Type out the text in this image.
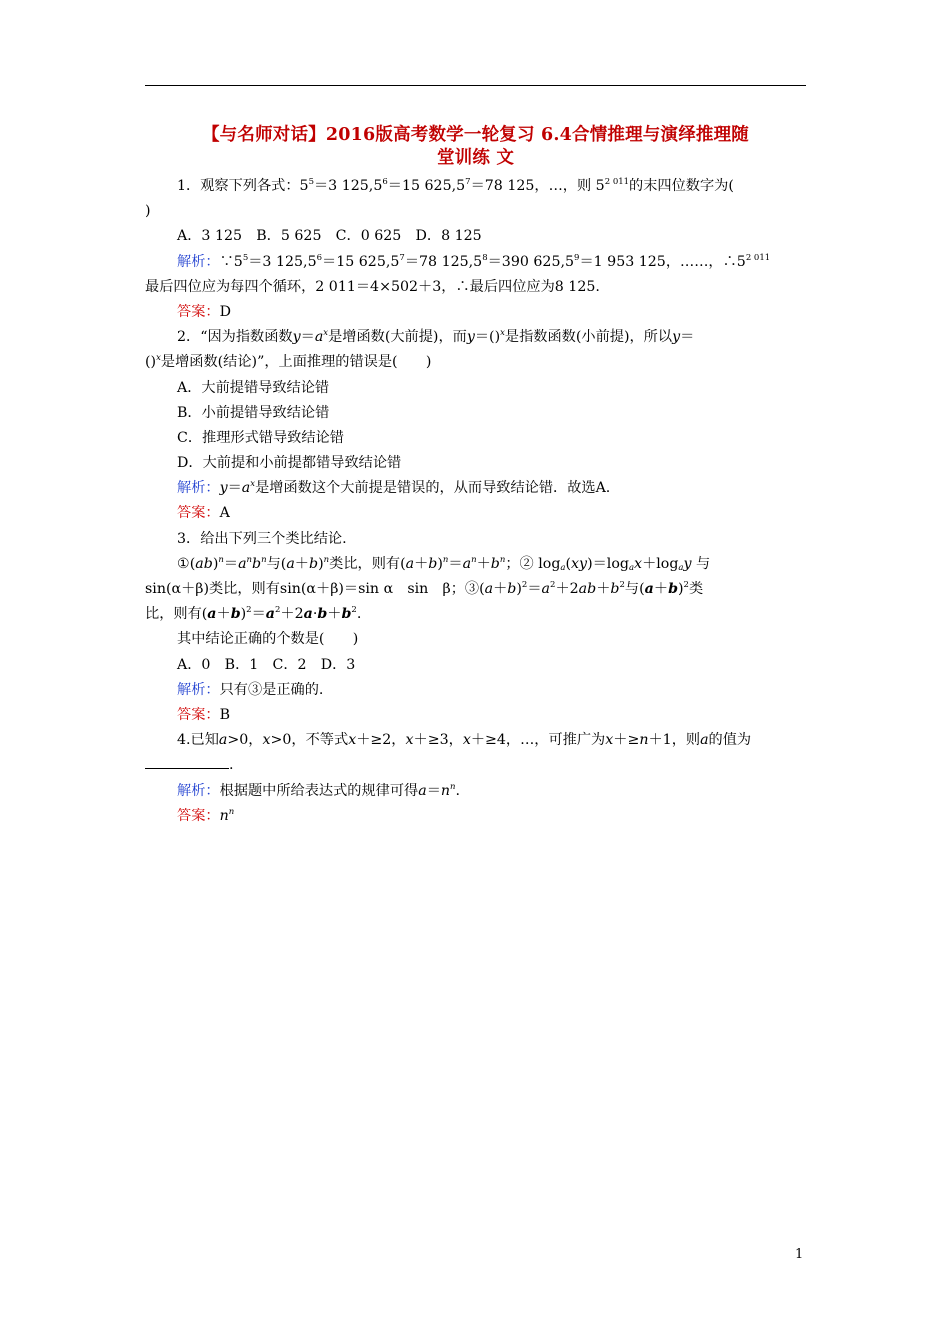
【与名师对话】2016版高考数学一轮复习 6.4合情推理与演绎推理随
堂训练 文
1．观察下列各式：$5^5=3$ $125,5^6=15$ $625,5^7=78$ 125，…，则 $5^{2 011}$的末四位数字为(
)
A．3 125　B．5 625　C．0 625　D．8 125
解析：$\because 5^5=3$ $125,5^6=15$ $625,5^7=78$ $125,5^8=390$ $625,5^9=1$ 953 125，……，$\therefore 5^{2 011}$
最后四位应为每四个循环，2 011＝4×502＋3，∴最后四位应为8 125.
答案：D
2．“因为指数函数$y=a^x$是增函数(大前提)，而y＝()$^x$是指数函数(小前提)，所以y＝
()$^x$是增函数(结论)”，上面推理的错误是(　　)
A．大前提错导致结论错
B．小前提错导致结论错
C．推理形式错导致结论错
D．大前提和小前提都错导致结论错
解析：$y=a^x$是增函数这个大前提是错误的，从而导致结论错．故选A.
答案：A
3．给出下列三个类比结论.
$①(ab)^n=a^nb^n$与$(a+b)^n$类比，则有$(a+b)^n=a^n+b^n$；② $\log_a(xy)=\log_ax+\log_ay$ 与
sin(α＋β)类比，则有sin(α＋β)＝sin α　sin　β；$③(a+b)^2=a^2+2ab+b^2$与$(a+b)^2$类
比，则有$(a+b)^2=a^2+2a\cdot b+b^2$.
其中结论正确的个数是(　　)
A．0　B．1　C．2　D．3
解析：只有③是正确的.
答案：B
4.已知a>0，x>0，不等式x＋≥2，x＋≥3，x＋≥4，…，可推广为x＋≥n＋1，则a的值为
.
解析：根据题中所给表达式的规律可得$a=n^n$.
答案：$n^n$
1
